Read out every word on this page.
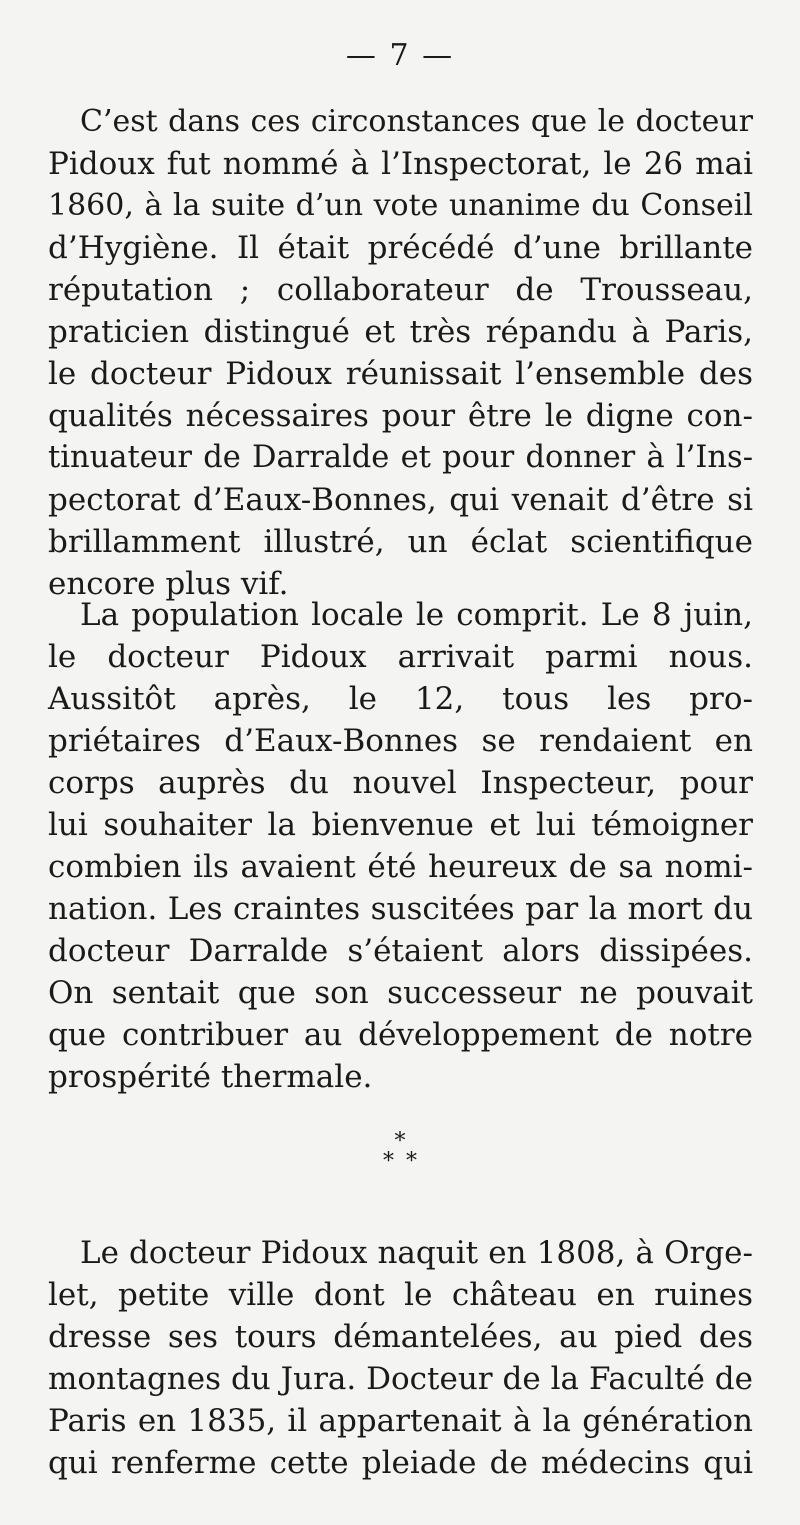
— 7 —
C’est dans ces circonstances que le docteur
Pidoux fut nommé à l’Inspectorat, le 26 mai
1860, à la suite d’un vote unanime du Conseil
d’Hygiène. Il était précédé d’une brillante
réputation ; collaborateur de Trousseau,
praticien distingué et très répandu à Paris,
le docteur Pidoux réunissait l’ensemble des
qualités nécessaires pour être le digne con-
tinuateur de Darralde et pour donner à l’Ins-
pectorat d’Eaux-Bonnes, qui venait d’être si
brillamment illustré, un éclat scientifique
encore plus vif.
La population locale le comprit. Le 8 juin,
le docteur Pidoux arrivait parmi nous.
Aussitôt après, le 12, tous les pro-
priétaires d’Eaux-Bonnes se rendaient en
corps auprès du nouvel Inspecteur, pour
lui souhaiter la bienvenue et lui témoigner
combien ils avaient été heureux de sa nomi-
nation. Les craintes suscitées par la mort du
docteur Darralde s’étaient alors dissipées.
On sentait que son successeur ne pouvait
que contribuer au développement de notre
prospérité thermale.
*
**
Le docteur Pidoux naquit en 1808, à Orge-
let, petite ville dont le château en ruines
dresse ses tours démantelées, au pied des
montagnes du Jura. Docteur de la Faculté de
Paris en 1835, il appartenait à la génération
qui renferme cette pleiade de médecins qui
